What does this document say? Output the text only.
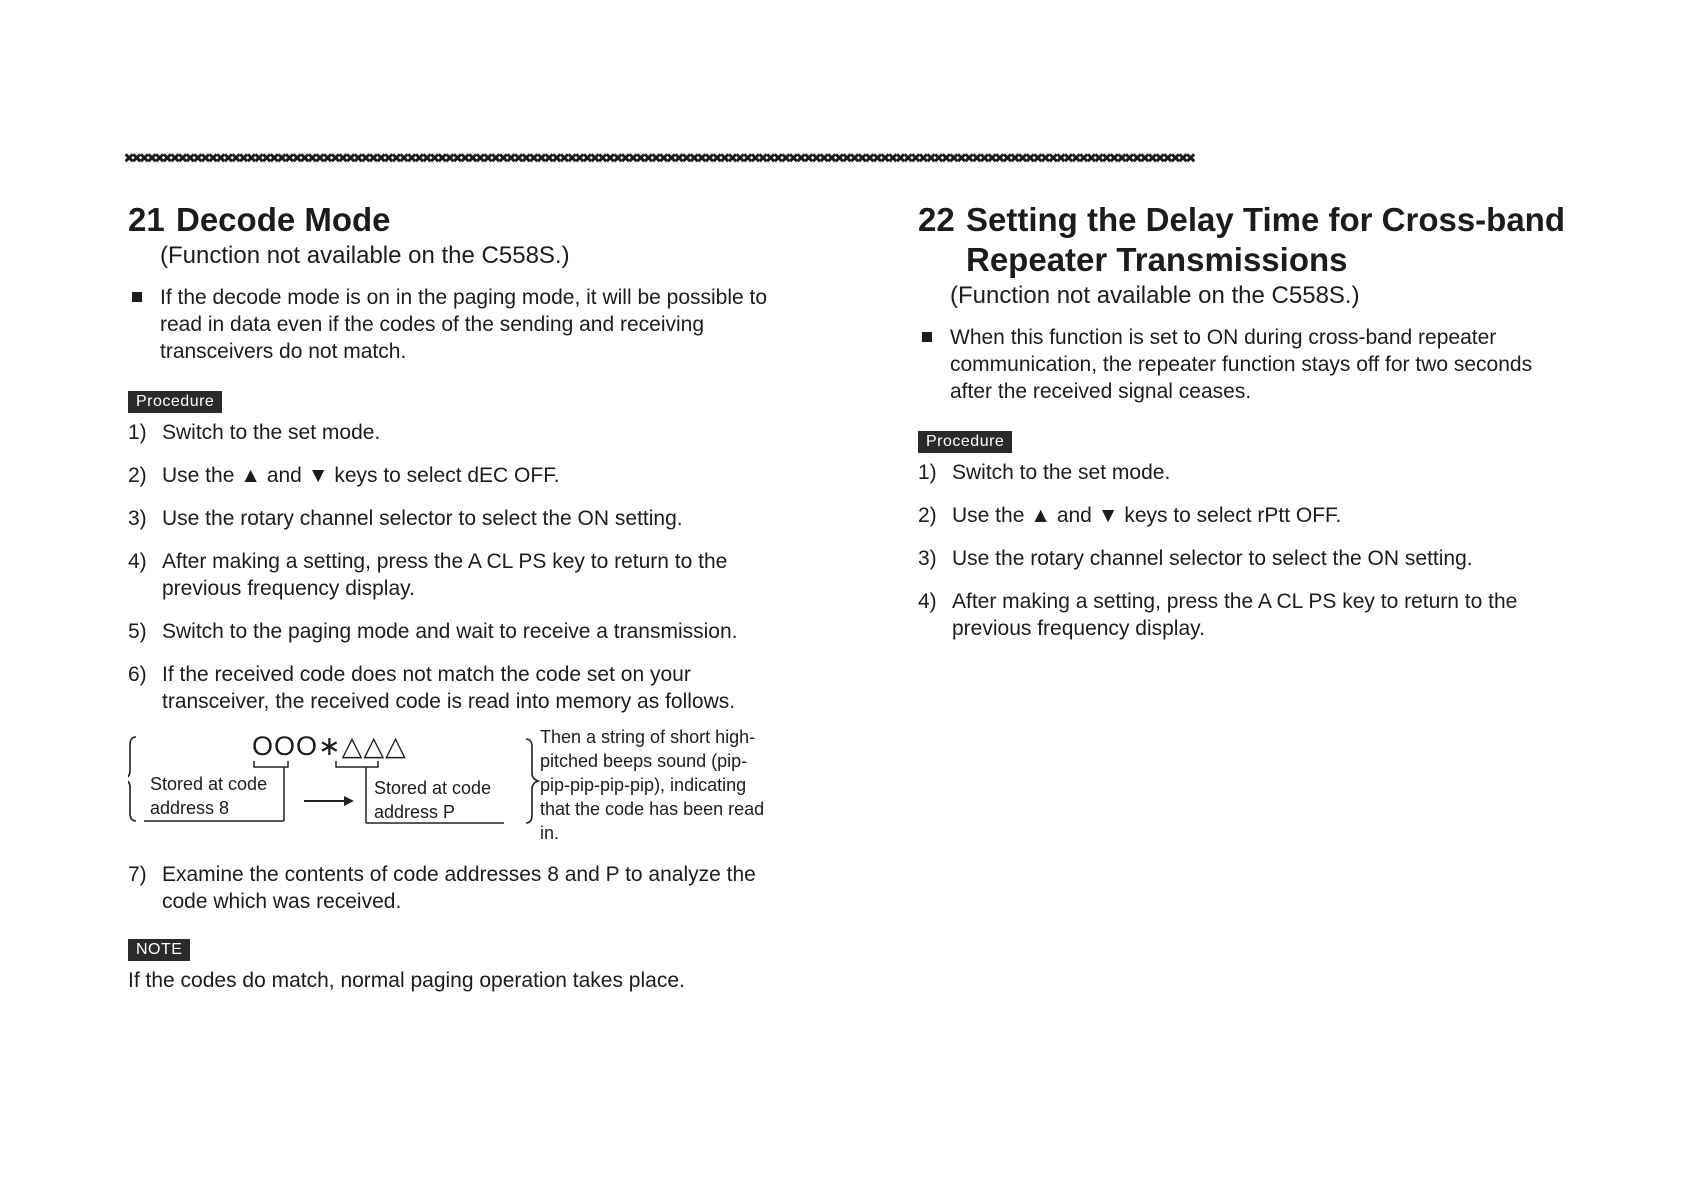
✖✖✖✖✖✖✖✖✖✖✖✖✖✖✖✖✖✖✖✖✖✖✖✖✖✖✖✖✖✖✖✖✖✖✖✖✖✖✖✖✖✖✖✖✖✖✖✖✖✖✖✖✖✖✖✖✖✖✖✖✖✖✖✖✖✖✖✖✖✖✖✖✖✖✖✖✖✖✖✖✖✖✖✖✖✖✖✖✖✖✖✖✖✖✖✖✖✖✖✖✖✖✖✖✖✖✖✖✖✖✖✖✖✖✖✖✖✖✖✖✖✖✖✖✖✖✖✖✖✖✖✖✖✖✖✖✖✖✖✖
21 Decode Mode

(Function not available on the C558S.)

If the decode mode is on in the paging mode, it will be possible to read in data even if the codes of the sending and receiving transceivers do not match.
Procedure
1) Switch to the set mode.
2) Use the ▲ and ▼ keys to select dEC OFF.
3) Use the rotary channel selector to select the ON setting.
4) After making a setting, press the A CL PS key to return to the previous frequency display.
5) Switch to the paging mode and wait to receive a transmission.
6) If the received code does not match the code set on your transceiver, the received code is read into memory as follows.
OOO∗△△△
Stored at code
address 8
Stored at code
address P
Then a string of short high-pitched beeps sound (pip-pip-pip-pip-pip), indicating that the code has been read in.
7) Examine the contents of code addresses 8 and P to analyze the code which was received.
NOTE

If the codes do match, normal paging operation takes place.

22 Setting the Delay Time for Cross-band
Repeater Transmissions

(Function not available on the C558S.)

When this function is set to ON during cross-band repeater communication, the repeater function stays off for two seconds after the received signal ceases.
Procedure
1) Switch to the set mode.
2) Use the ▲ and ▼ keys to select rPtt OFF.
3) Use the rotary channel selector to select the ON setting.
4) After making a setting, press the A CL PS key to return to the previous frequency display.
